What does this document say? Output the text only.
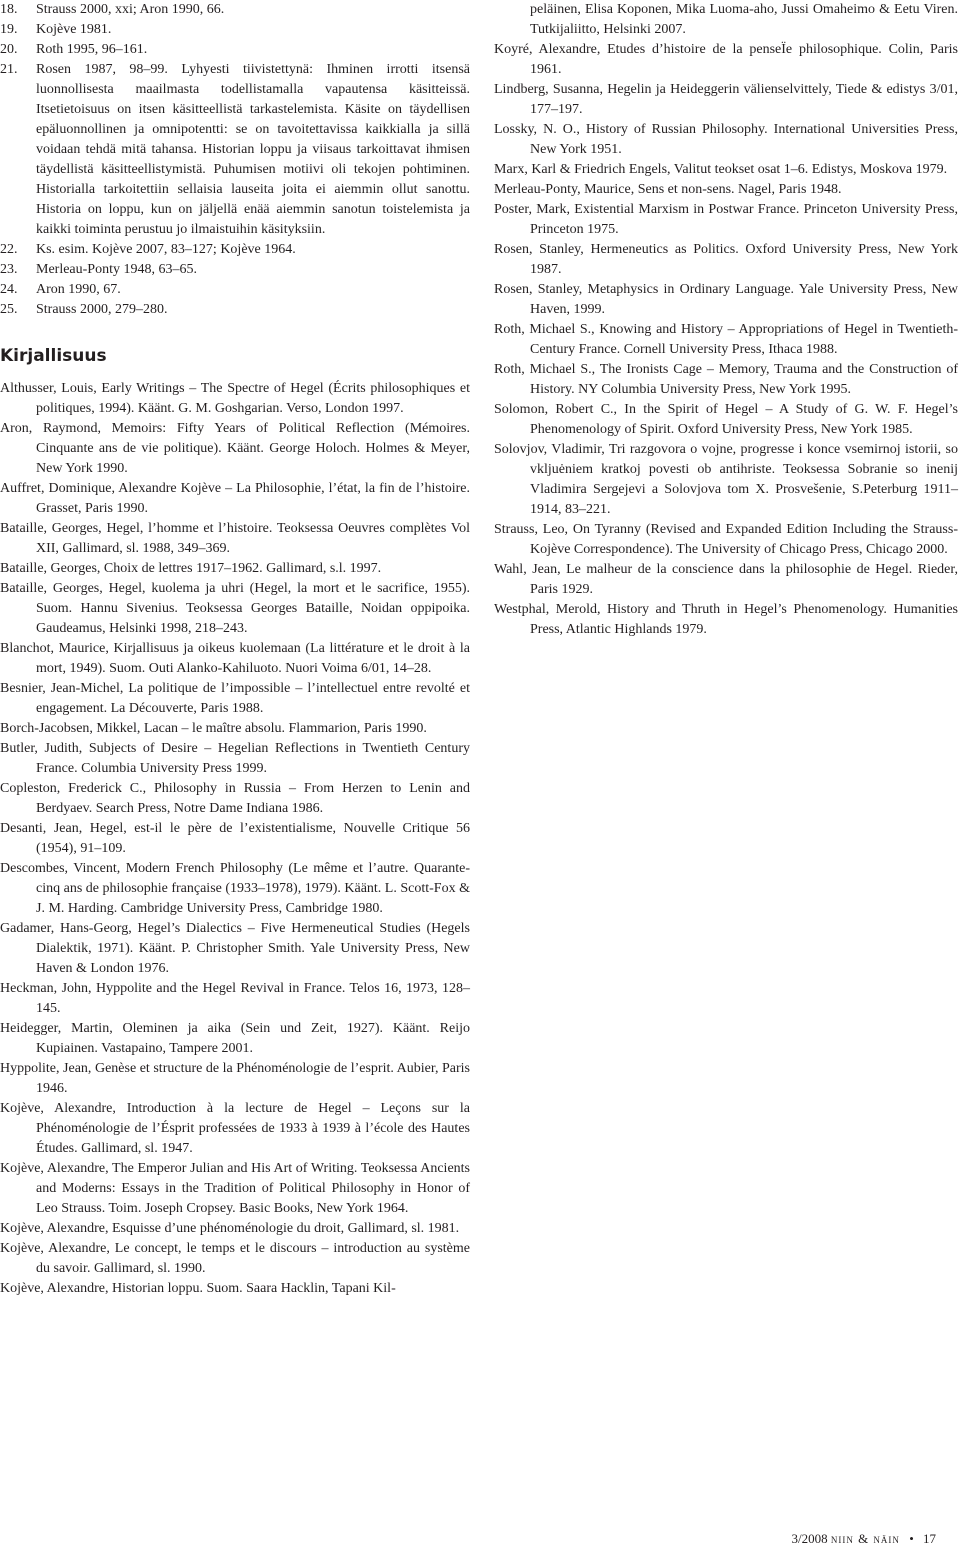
18. Strauss 2000, xxi; Aron 1990, 66.
19. Kojève 1981.
20. Roth 1995, 96–161.
21. Rosen 1987, 98–99. Lyhyesti tiivistettynä: Ihminen irrotti itsensä luonnollisesta maailmasta todellistamalla vapautensa käsitteissä. Itsetietoisuus on itsen käsitteellistä tarkastelemista. Käsite on täydellisen epäluonnollinen ja omnipotentti: se on tavoitettavissa kaikkialla ja sillä voidaan tehdä mitä tahansa. Historian loppu ja viisaus tarkoittavat ihmisen täydellistä käsitteellistymistä. Puhumisen motiivi oli tekojen pohtiminen. Historialla tarkoitettiin sellaisia lauseita joita ei aiemmin ollut sanottu. Historia on loppu, kun on jäljellä enää aiemmin sanotun toistelemista ja kaikki toiminta perustuu jo ilmaistuihin käsityksiin.
22. Ks. esim. Kojève 2007, 83–127; Kojève 1964.
23. Merleau-Ponty 1948, 63–65.
24. Aron 1990, 67.
25. Strauss 2000, 279–280.
Kirjallisuus
Althusser, Louis, Early Writings – The Spectre of Hegel (Écrits philosophiques et politiques, 1994). Käänt. G. M. Goshgarian. Verso, London 1997.
Aron, Raymond, Memoirs: Fifty Years of Political Reflection (Mémoires. Cinquante ans de vie politique). Käänt. George Holoch. Holmes & Meyer, New York 1990.
Auffret, Dominique, Alexandre Kojève – La Philosophie, l’état, la fin de l’histoire. Grasset, Paris 1990.
Bataille, Georges, Hegel, l’homme et l’histoire. Teoksessa Oeuvres complètes Vol XII, Gallimard, sl. 1988, 349–369.
Bataille, Georges, Choix de lettres 1917–1962. Gallimard, s.l. 1997.
Bataille, Georges, Hegel, kuolema ja uhri (Hegel, la mort et le sacrifice, 1955). Suom. Hannu Sivenius. Teoksessa Georges Bataille, Noidan oppipoika. Gaudeamus, Helsinki 1998, 218–243.
Blanchot, Maurice, Kirjallisuus ja oikeus kuolemaan (La littérature et le droit à la mort, 1949). Suom. Outi Alanko-Kahiluoto. Nuori Voima 6/01, 14–28.
Besnier, Jean-Michel, La politique de l’impossible – l’intellectuel entre revolté et engagement. La Découverte, Paris 1988.
Borch-Jacobsen, Mikkel, Lacan – le maître absolu. Flammarion, Paris 1990.
Butler, Judith, Subjects of Desire – Hegelian Reflections in Twentieth Century France. Columbia University Press 1999.
Copleston, Frederick C., Philosophy in Russia – From Herzen to Lenin and Berdyaev. Search Press, Notre Dame Indiana 1986.
Desanti, Jean, Hegel, est-il le père de l’existentialisme, Nouvelle Critique 56 (1954), 91–109.
Descombes, Vincent, Modern French Philosophy (Le même et l’autre. Quarante-cinq ans de philosophie française (1933–1978), 1979). Käänt. L. Scott-Fox & J. M. Harding. Cambridge University Press, Cambridge 1980.
Gadamer, Hans-Georg, Hegel’s Dialectics – Five Hermeneutical Studies (Hegels Dialektik, 1971). Käänt. P. Christopher Smith. Yale University Press, New Haven & London 1976.
Heckman, John, Hyppolite and the Hegel Revival in France. Telos 16, 1973, 128–145.
Heidegger, Martin, Oleminen ja aika (Sein und Zeit, 1927). Käänt. Reijo Kupiainen. Vastapaino, Tampere 2001.
Hyppolite, Jean, Genèse et structure de la Phénoménologie de l’esprit. Aubier, Paris 1946.
Kojève, Alexandre, Introduction à la lecture de Hegel – Leçons sur la Phénoménologie de l’Ésprit professées de 1933 à 1939 à l’école des Hautes Études. Gallimard, sl. 1947.
Kojève, Alexandre, The Emperor Julian and His Art of Writing. Teoksessa Ancients and Moderns: Essays in the Tradition of Political Philosophy in Honor of Leo Strauss. Toim. Joseph Cropsey. Basic Books, New York 1964.
Kojève, Alexandre, Esquisse d’une phénoménologie du droit, Gallimard, sl. 1981.
Kojève, Alexandre, Le concept, le temps et le discours – introduction au système du savoir. Gallimard, sl. 1990.
Kojève, Alexandre, Historian loppu. Suom. Saara Hacklin, Tapani Kil-
peläinen, Elisa Koponen, Mika Luoma-aho, Jussi Omaheimo & Eetu Viren. Tutkijaliitto, Helsinki 2007.
Koyré, Alexandre, Etudes d’histoire de la penseÏe philosophique. Colin, Paris 1961.
Lindberg, Susanna, Hegelin ja Heideggerin välienselvittely, Tiede & edistys 3/01, 177–197.
Lossky, N. O., History of Russian Philosophy. International Universities Press, New York 1951.
Marx, Karl & Friedrich Engels, Valitut teokset osat 1–6. Edistys, Moskova 1979.
Merleau-Ponty, Maurice, Sens et non-sens. Nagel, Paris 1948.
Poster, Mark, Existential Marxism in Postwar France. Princeton University Press, Princeton 1975.
Rosen, Stanley, Hermeneutics as Politics. Oxford University Press, New York 1987.
Rosen, Stanley, Metaphysics in Ordinary Language. Yale University Press, New Haven, 1999.
Roth, Michael S., Knowing and History – Appropriations of Hegel in Twentieth-Century France. Cornell University Press, Ithaca 1988.
Roth, Michael S., The Ironists Cage – Memory, Trauma and the Construction of History. NY Columbia University Press, New York 1995.
Solomon, Robert C., In the Spirit of Hegel – A Study of G. W. F. Hegel’s Phenomenology of Spirit. Oxford University Press, New York 1985.
Solovjov, Vladimir, Tri razgovora o vojne, progresse i konce vsemirnoj istorii, so vkljuėniem kratkoj povesti ob antihriste. Teoksessa Sobranie so inenij Vladimira Sergejevi a Solovjova tom X. Prosvešenie, S.Peterburg 1911–1914, 83–221.
Strauss, Leo, On Tyranny (Revised and Expanded Edition Including the Strauss-Kojève Correspondence). The University of Chicago Press, Chicago 2000.
Wahl, Jean, Le malheur de la conscience dans la philosophie de Hegel. Rieder, Paris 1929.
Westphal, Merold, History and Thruth in Hegel’s Phenomenology. Humanities Press, Atlantic Highlands 1979.
3/2008 niin & näin • 17
